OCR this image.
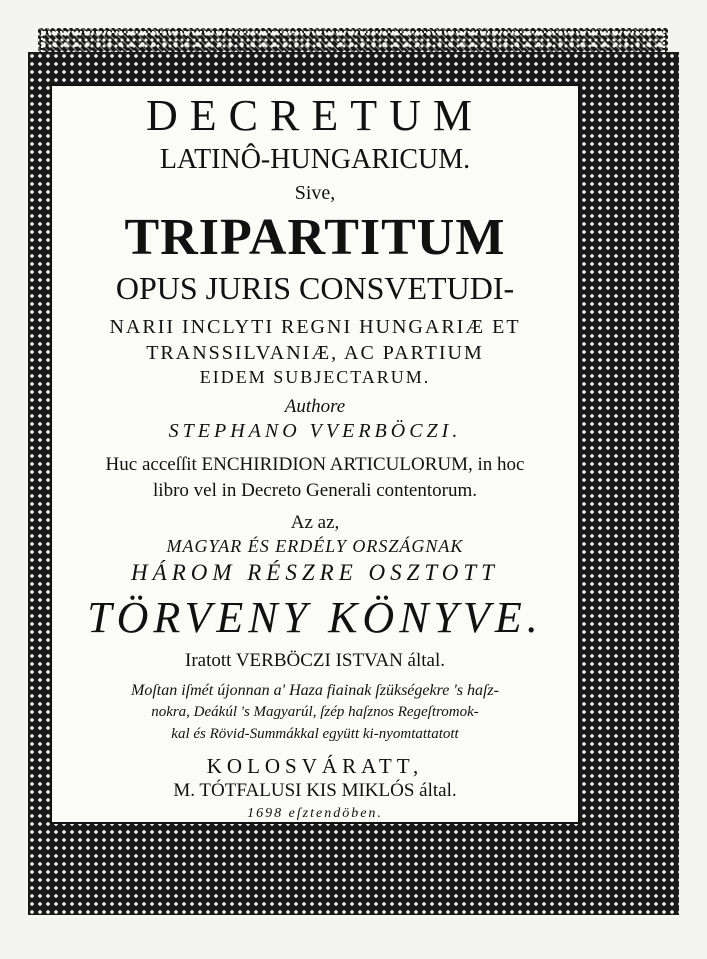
DECRETUM
LATINÔ-HUNGARICUM.
Sive,
TRIPARTITUM
OPUS JURIS CONSVETUDI-
NARII INCLYTI REGNI HUNGARIÆ ET
TRANSSILVANIÆ, AC PARTIUM
EIDEM SUBJECTARUM.
Authore
STEPHANO VVERBÖCZI.
Huc acceſſit ENCHIRIDION ARTICULORUM, in hoc
libro vel in Decreto Generali contentorum.
Az az,
MAGYAR ÉS ERDÉLY ORSZÁGNAK
HÁROM RÉSZRE OSZTOTT
TÖRVENY KÖNYVE.
Iratott VERBÖCZI ISTVAN által.
Moſtan iſmét újonnan a' Haza fiainak ſzükségekre 's haſz-
nokra, Deákúl 's Magyarúl, ſzép haſznos Regeſtromok-
kal és Rövid-Summákkal együtt ki-nyomtattatott
KOLOSVÁRATT,
M. TÓTFALUSI KIS MIKLÓS által.
1698 eſztendöben.
